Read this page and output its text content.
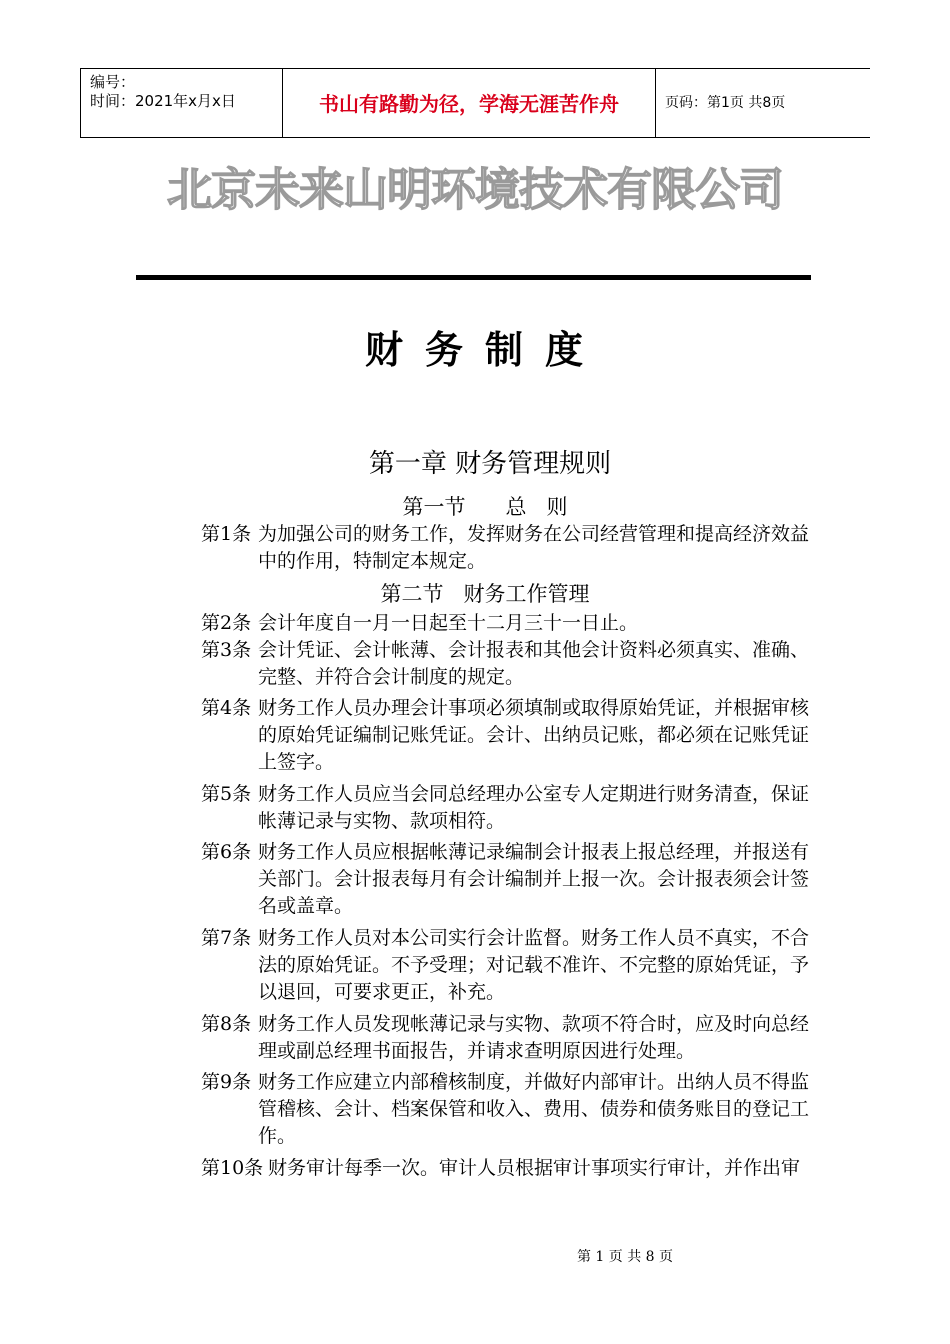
编号：
时间：2021年x月x日	书山有路勤为径，学海无涯苦作舟	页码：第1页 共8页
北京未来山明环境技术有限公司
财务制度
第一章 财务管理规则
第一节      总   则
第1条 为加强公司的财务工作，发挥财务在公司经营管理和提高经济效益
中的作用，特制定本规定。
第二节   财务工作管理
第2条 会计年度自一月一日起至十二月三十一日止。
第3条 会计凭证、会计帐薄、会计报表和其他会计资料必须真实、准确、
完整、并符合会计制度的规定。
第4条 财务工作人员办理会计事项必须填制或取得原始凭证，并根据审核
的原始凭证编制记账凭证。会计、出纳员记账，都必须在记账凭证
上签字。
第5条 财务工作人员应当会同总经理办公室专人定期进行财务清查，保证
帐薄记录与实物、款项相符。
第6条 财务工作人员应根据帐薄记录编制会计报表上报总经理，并报送有
关部门。会计报表每月有会计编制并上报一次。会计报表须会计签
名或盖章。
第7条 财务工作人员对本公司实行会计监督。财务工作人员不真实，不合
法的原始凭证。不予受理；对记载不准许、不完整的原始凭证，予
以退回，可要求更正，补充。
第8条 财务工作人员发现帐薄记录与实物、款项不符合时，应及时向总经
理或副总经理书面报告，并请求查明原因进行处理。
第9条 财务工作应建立内部稽核制度，并做好内部审计。出纳人员不得监
管稽核、会计、档案保管和收入、费用、债券和债务账目的登记工
作。
第10条 财务审计每季一次。审计人员根据审计事项实行审计，并作出审
第 1 页 共 8 页
